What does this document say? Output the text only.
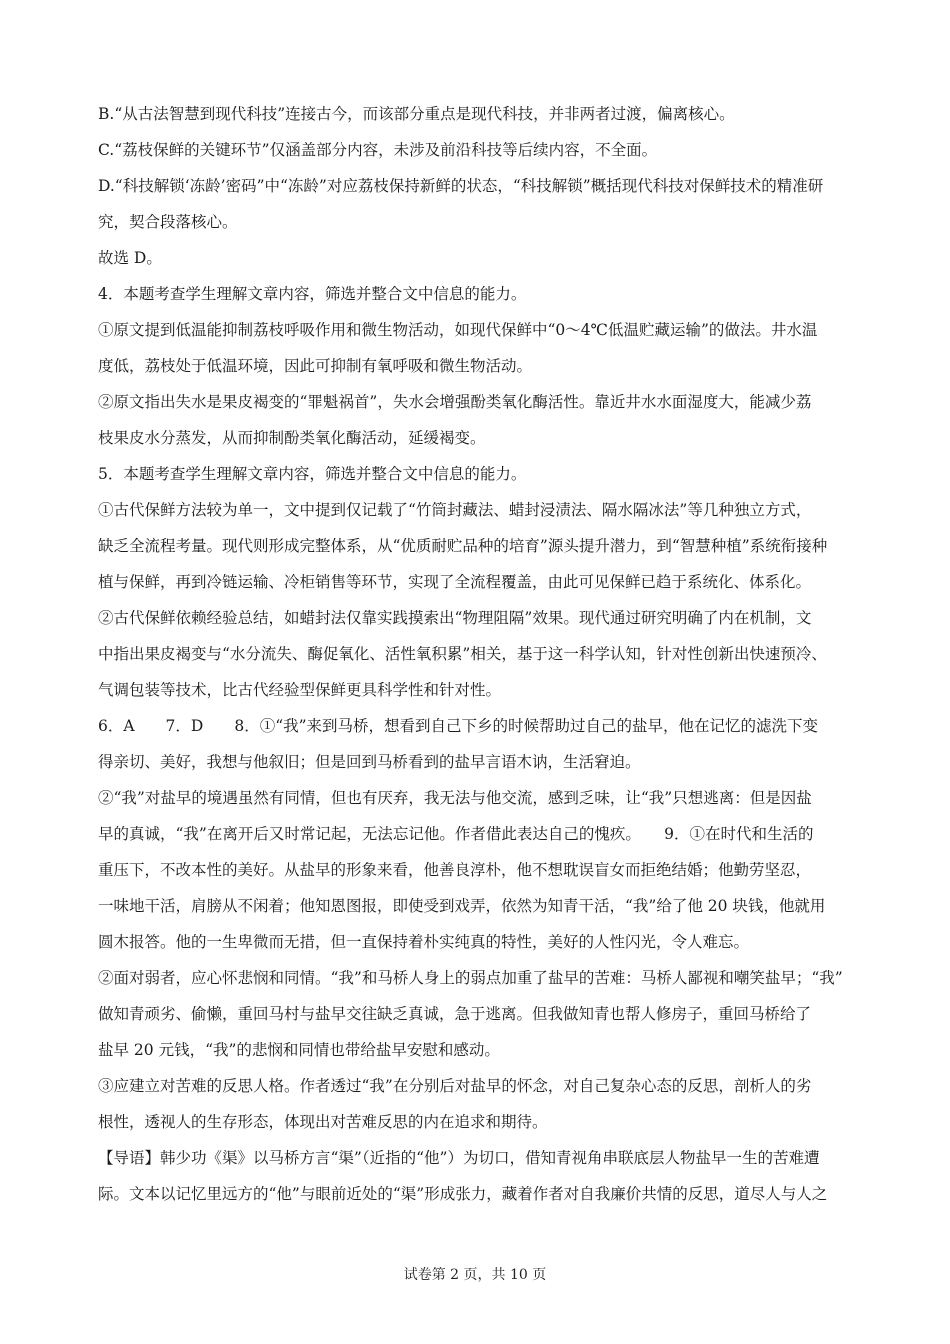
B.“从古法智慧到现代科技”连接古今，而该部分重点是现代科技，并非两者过渡，偏离核心。
C.“荔枝保鲜的关键环节”仅涵盖部分内容，未涉及前沿科技等后续内容，不全面。
D.“科技解锁‘冻龄’密码”中“冻龄”对应荔枝保持新鲜的状态，“科技解锁”概括现代科技对保鲜技术的精准研
究，契合段落核心。
故选 D。
4．本题考查学生理解文章内容，筛选并整合文中信息的能力。
①原文提到低温能抑制荔枝呼吸作用和微生物活动，如现代保鲜中“0～4℃低温贮藏运输”的做法。井水温
度低，荔枝处于低温环境，因此可抑制有氧呼吸和微生物活动。
②原文指出失水是果皮褐变的“罪魁祸首”，失水会增强酚类氧化酶活性。靠近井水水面湿度大，能减少荔
枝果皮水分蒸发，从而抑制酚类氧化酶活动，延缓褐变。
5．本题考查学生理解文章内容，筛选并整合文中信息的能力。
①古代保鲜方法较为单一，文中提到仅记载了“竹筒封藏法、蜡封浸渍法、隔水隔冰法”等几种独立方式，
缺乏全流程考量。现代则形成完整体系，从“优质耐贮品种的培育”源头提升潜力，到“智慧种植”系统衔接种
植与保鲜，再到冷链运输、冷柜销售等环节，实现了全流程覆盖，由此可见保鲜已趋于系统化、体系化。
②古代保鲜依赖经验总结，如蜡封法仅靠实践摸索出“物理阻隔”效果。现代通过研究明确了内在机制，文
中指出果皮褐变与“水分流失、酶促氧化、活性氧积累”相关，基于这一科学认知，针对性创新出快速预冷、
气调包装等技术，比古代经验型保鲜更具科学性和针对性。
6．A　　7．D　　8．①“我”来到马桥，想看到自己下乡的时候帮助过自己的盐早，他在记忆的滤洗下变
得亲切、美好，我想与他叙旧；但是回到马桥看到的盐早言语木讷，生活窘迫。
②“我”对盐早的境遇虽然有同情，但也有厌弃，我无法与他交流，感到乏味，让“我”只想逃离：但是因盐
早的真诚，“我”在离开后又时常记起，无法忘记他。作者借此表达自己的愧疚。　　9．①在时代和生活的
重压下，不改本性的美好。从盐早的形象来看，他善良淳朴，他不想耽误盲女而拒绝结婚；他勤劳坚忍，
一味地干活，肩膀从不闲着；他知恩图报，即使受到戏弄，依然为知青干活，“我”给了他 20 块钱，他就用
圆木报答。他的一生卑微而无措，但一直保持着朴实纯真的特性，美好的人性闪光，令人难忘。
②面对弱者，应心怀悲悯和同情。“我”和马桥人身上的弱点加重了盐早的苦难：马桥人鄙视和嘲笑盐早；“我”
做知青顽劣、偷懒，重回马村与盐早交往缺乏真诚，急于逃离。但我做知青也帮人修房子，重回马桥给了
盐早 20 元钱，“我”的悲悯和同情也带给盐早安慰和感动。
③应建立对苦难的反思人格。作者透过“我”在分别后对盐早的怀念，对自己复杂心态的反思，剖析人的劣
根性，透视人的生存形态，体现出对苦难反思的内在追求和期待。
【导语】韩少功《渠》以马桥方言“渠”（近指的“他”）为切口，借知青视角串联底层人物盐早一生的苦难遭
际。文本以记忆里远方的“他”与眼前近处的“渠”形成张力，藏着作者对自我廉价共情的反思，道尽人与人之
试卷第 2 页，共 10 页
